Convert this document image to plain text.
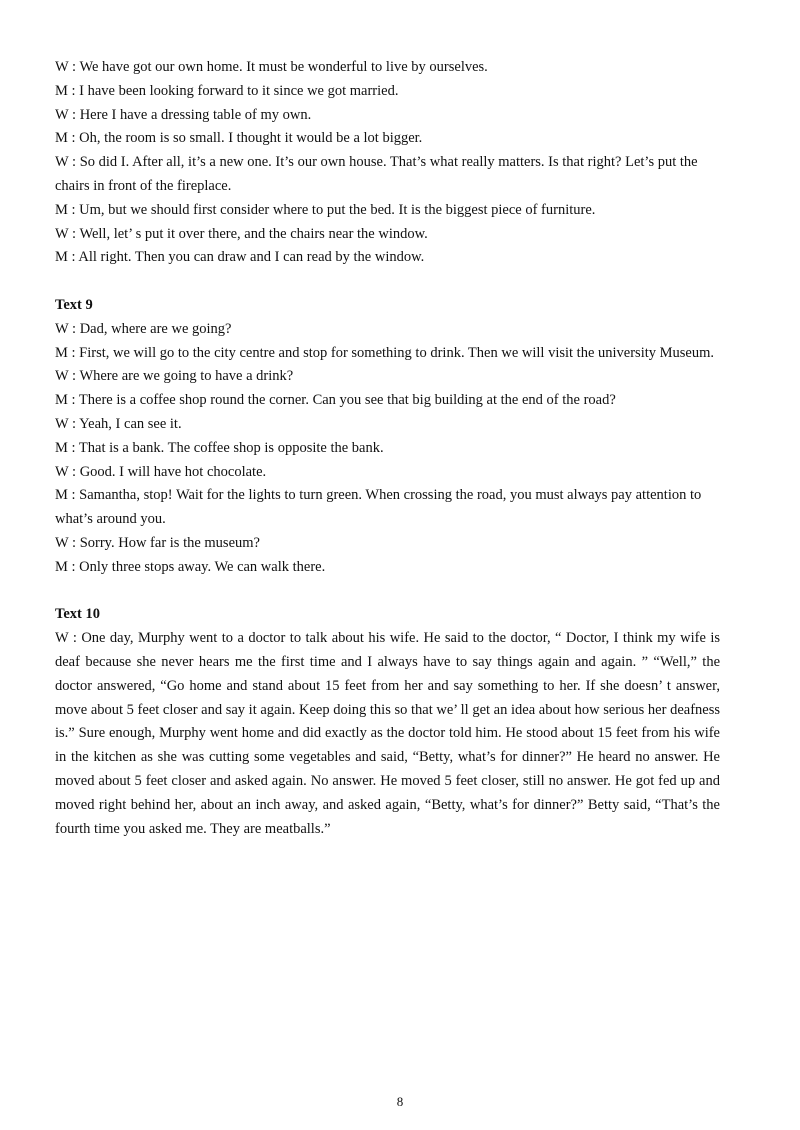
W : We have got our own home. It must be wonderful to live by ourselves.

M : I have been looking forward to it since we got married.

W : Here I have a dressing table of my own.

M : Oh, the room is so small. I thought it would be a lot bigger.

W : So did I. After all, it’s a new one. It’s our own house. That’s what really matters. Is that right? Let’s put the chairs in front of the fireplace.

M : Um, but we should first consider where to put the bed. It is the biggest piece of furniture.

W : Well, let’ s put it over there, and the chairs near the window.

M : All right. Then you can draw and I can read by the window.

Text 9

W : Dad, where are we going?

M : First, we will go to the city centre and stop for something to drink. Then we will visit the university Museum.

W : Where are we going to have a drink?

M : There is a coffee shop round the corner. Can you see that big building at the end of the road?

W : Yeah, I can see it.

M : That is a bank. The coffee shop is opposite the bank.

W : Good. I will have hot chocolate.

M : Samantha, stop! Wait for the lights to turn green. When crossing the road, you must always pay attention to what’s around you.

W : Sorry. How far is the museum?

M : Only three stops away. We can walk there.

Text 10

W : One day, Murphy went to a doctor to talk about his wife. He said to the doctor, “ Doctor, I think my wife is deaf because she never hears me the first time and I always have to say things again and again. ” “Well,” the doctor answered, “Go home and stand about 15 feet from her and say something to her. If she doesn’ t answer, move about 5 feet closer and say it again. Keep doing this so that we’ ll get an idea about how serious her deafness is.” Sure enough, Murphy went home and did exactly as the doctor told him. He stood about 15 feet from his wife in the kitchen as she was cutting some vegetables and said, “Betty, what’s for dinner?” He heard no answer. He moved about 5 feet closer and asked again. No answer. He moved 5 feet closer, still no answer. He got fed up and moved right behind her, about an inch away, and asked again, “Betty, what’s for dinner?” Betty said, “That’s the fourth time you asked me. They are meatballs.”

8
